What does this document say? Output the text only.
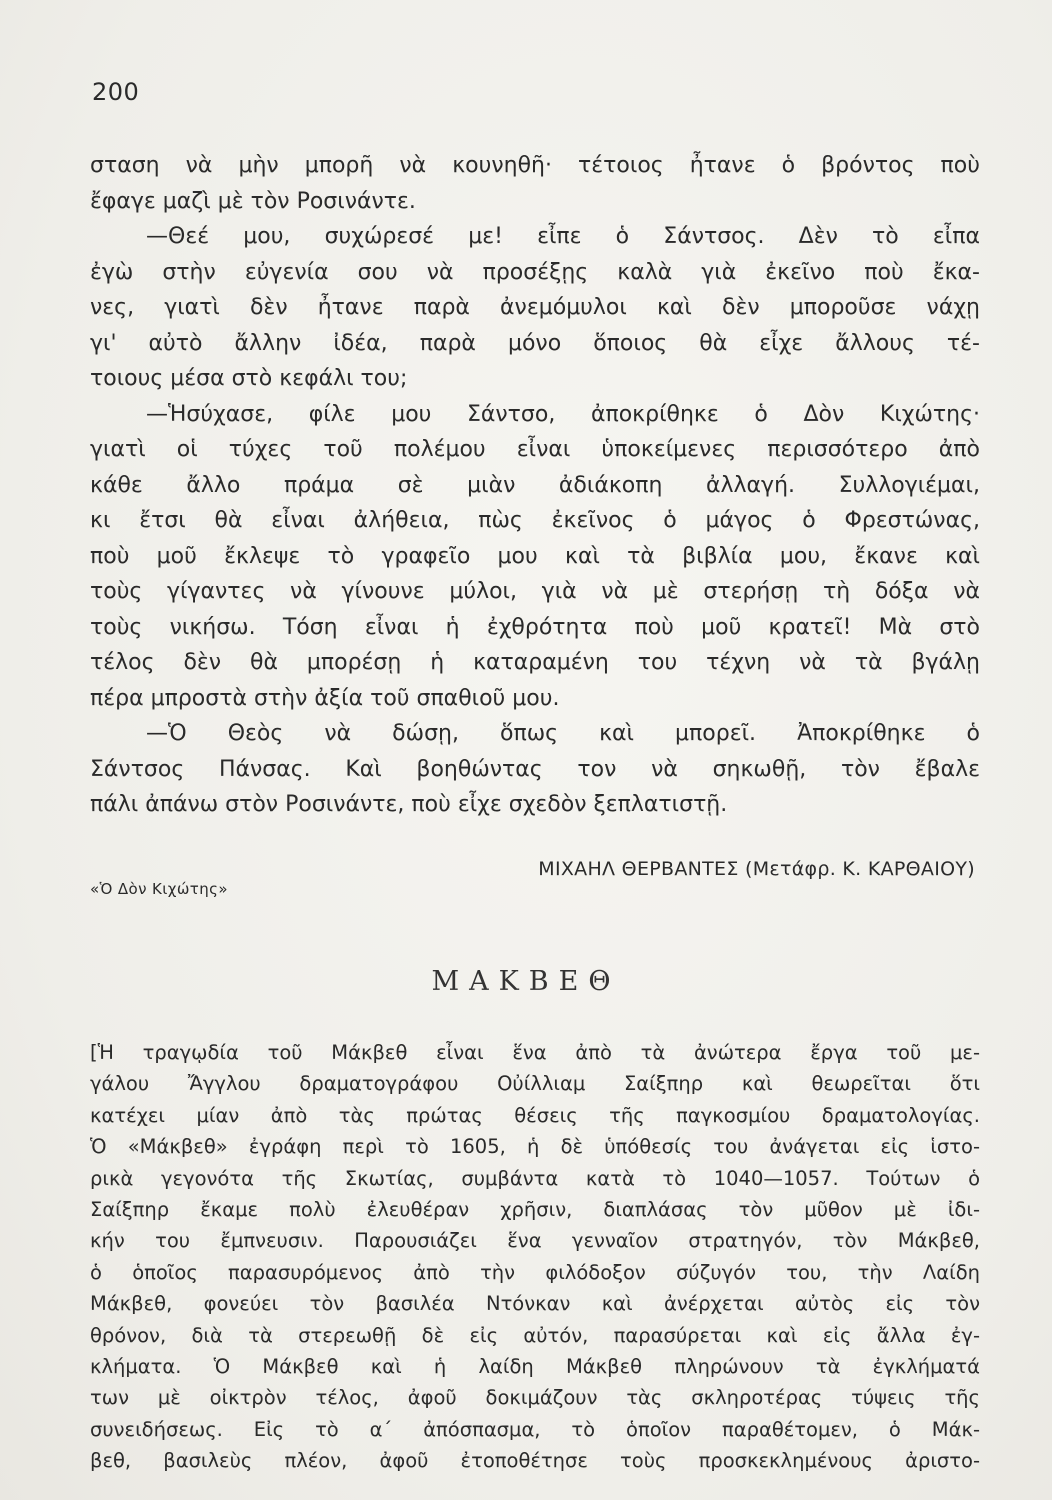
200
σταση νὰ μὴν μπορῆ νὰ κουνηθῆ· τέτοιος ἦτανε ὁ βρόντος ποὺ
ἔφαγε μαζὶ μὲ τὸν Ροσινάντε.
—Θεέ μου, συχώρεσέ με! εἶπε ὁ Σάντσος. Δὲν τὸ εἶπα
ἐγὼ στὴν εὐγενία σου νὰ προσέξῃς καλὰ γιὰ ἐκεῖνο ποὺ ἔκα-
νες, γιατὶ δὲν ἦτανε παρὰ ἀνεμόμυλοι καὶ δὲν μποροῦσε νάχῃ
γι' αὐτὸ ἄλλην ἰδέα, παρὰ μόνο ὅποιος θὰ εἶχε ἄλλους τέ-
τοιους μέσα στὸ κεφάλι του;
—Ἡσύχασε, φίλε μου Σάντσο, ἀποκρίθηκε ὁ Δὸν Κιχώτης·
γιατὶ οἱ τύχες τοῦ πολέμου εἶναι ὑποκείμενες περισσότερο ἀπὸ
κάθε ἄλλο πράμα σὲ μιὰν ἀδιάκοπη ἀλλαγή. Συλλογιέμαι,
κι ἔτσι θὰ εἶναι ἀλήθεια, πὼς ἐκεῖνος ὁ μάγος ὁ Φρεστώνας,
ποὺ μοῦ ἔκλεψε τὸ γραφεῖο μου καὶ τὰ βιβλία μου, ἔκανε καὶ
τοὺς γίγαντες νὰ γίνουνε μύλοι, γιὰ νὰ μὲ στερήσῃ τὴ δόξα νὰ
τοὺς νικήσω. Τόση εἶναι ἡ ἐχθρότητα ποὺ μοῦ κρατεῖ! Μὰ στὸ
τέλος δὲν θὰ μπορέσῃ ἡ καταραμένη του τέχνη νὰ τὰ βγάλῃ
πέρα μπροστὰ στὴν ἀξία τοῦ σπαθιοῦ μου.
—Ὁ Θεὸς νὰ δώσῃ, ὅπως καὶ μπορεῖ. Ἀποκρίθηκε ὁ
Σάντσος Πάνσας. Καὶ βοηθώντας τον νὰ σηκωθῇ, τὸν ἔβαλε
πάλι ἀπάνω στὸν Ροσινάντε, ποὺ εἶχε σχεδὸν ξεπλατιστῇ.
ΜΙΧΑΗΛ ΘΕΡΒΑΝΤΕΣ (Μετάφρ. Κ. ΚΑΡΘΑΙΟΥ)
«Ὁ Δὸν Κιχώτης»
ΜΑΚΒΕΘ
[Ἡ τραγῳδία τοῦ Μάκβεθ εἶναι ἕνα ἀπὸ τὰ ἀνώτερα ἔργα τοῦ με-
γάλου Ἄγγλου δραματογράφου Οὐίλλιαμ Σαίξπηρ καὶ θεωρεῖται ὅτι
κατέχει μίαν ἀπὸ τὰς πρώτας θέσεις τῆς παγκοσμίου δραματολογίας.
Ὁ «Μάκβεθ» ἐγράφη περὶ τὸ 1605, ἡ δὲ ὑπόθεσίς του ἀνάγεται εἰς ἱστο-
ρικὰ γεγονότα τῆς Σκωτίας, συμβάντα κατὰ τὸ 1040—1057. Τούτων ὁ
Σαίξπηρ ἔκαμε πολὺ ἐλευθέραν χρῆσιν, διαπλάσας τὸν μῦθον μὲ ἰδι-
κήν του ἔμπνευσιν. Παρουσιάζει ἕνα γενναῖον στρατηγόν, τὸν Μάκβεθ,
ὁ ὁποῖος παρασυρόμενος ἀπὸ τὴν φιλόδοξον σύζυγόν του, τὴν Λαίδη
Μάκβεθ, φονεύει τὸν βασιλέα Ντόνκαν καὶ ἀνέρχεται αὐτὸς εἰς τὸν
θρόνον, διὰ τὰ στερεωθῇ δὲ εἰς αὐτόν, παρασύρεται καὶ εἰς ἄλλα ἐγ-
κλήματα. Ὁ Μάκβεθ καὶ ἡ λαίδη Μάκβεθ πληρώνουν τὰ ἐγκλήματά
των μὲ οἰκτρὸν τέλος, ἀφοῦ δοκιμάζουν τὰς σκληροτέρας τύψεις τῆς
συνειδήσεως. Εἰς τὸ α΄ ἀπόσπασμα, τὸ ὁποῖον παραθέτομεν, ὁ Μάκ-
βεθ, βασιλεὺς πλέον, ἀφοῦ ἐτοποθέτησε τοὺς προσκεκλημένους ἀριστο-
